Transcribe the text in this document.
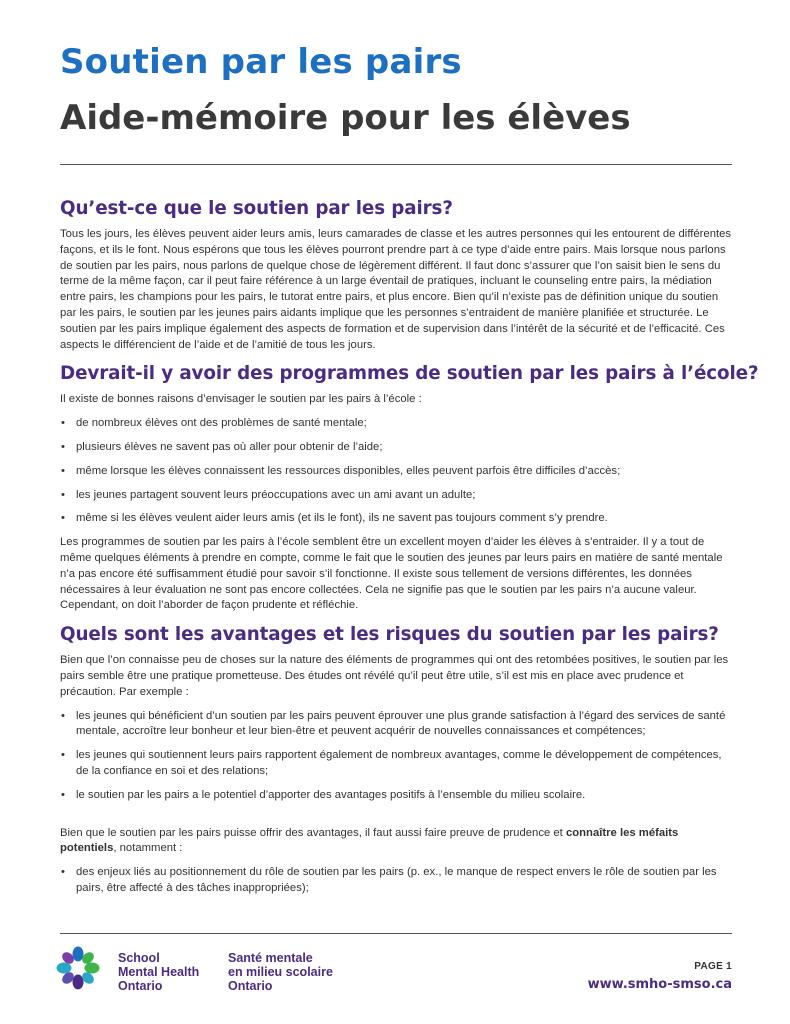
Soutien par les pairs
Aide-mémoire pour les élèves
Qu’est-ce que le soutien par les pairs?

Tous les jours, les élèves peuvent aider leurs amis, leurs camarades de classe et les autres personnes qui les entourent de différentes façons, et ils le font. Nous espérons que tous les élèves pourront prendre part à ce type d’aide entre pairs. Mais lorsque nous parlons de soutien par les pairs, nous parlons de quelque chose de légèrement différent. Il faut donc s’assurer que l’on saisit bien le sens du terme de la même façon, car il peut faire référence à un large éventail de pratiques, incluant le counseling entre pairs, la médiation entre pairs, les champions pour les pairs, le tutorat entre pairs, et plus encore. Bien qu’il n’existe pas de définition unique du soutien par les pairs, le soutien par les jeunes pairs aidants implique que les personnes s’entraident de manière planifiée et structurée. Le soutien par les pairs implique également des aspects de formation et de supervision dans l’intérêt de la sécurité et de l’efficacité. Ces aspects le différencient de l’aide et de l’amitié de tous les jours.

Devrait-il y avoir des programmes de soutien par les pairs à l’école?

Il existe de bonnes raisons d’envisager le soutien par les pairs à l’école :

• de nombreux élèves ont des problèmes de santé mentale;
• plusieurs élèves ne savent pas où aller pour obtenir de l’aide;
• même lorsque les élèves connaissent les ressources disponibles, elles peuvent parfois être difficiles d’accès;
• les jeunes partagent souvent leurs préoccupations avec un ami avant un adulte;
• même si les élèves veulent aider leurs amis (et ils le font), ils ne savent pas toujours comment s’y prendre.

Les programmes de soutien par les pairs à l’école semblent être un excellent moyen d’aider les élèves à s’entraider. Il y a tout de même quelques éléments à prendre en compte, comme le fait que le soutien des jeunes par leurs pairs en matière de santé mentale n’a pas encore été suffisamment étudié pour savoir s’il fonctionne. Il existe sous tellement de versions différentes, les données nécessaires à leur évaluation ne sont pas encore collectées. Cela ne signifie pas que le soutien par les pairs n’a aucune valeur. Cependant, on doit l’aborder de façon prudente et réfléchie.

Quels sont les avantages et les risques du soutien par les pairs?

Bien que l’on connaisse peu de choses sur la nature des éléments de programmes qui ont des retombées positives, le soutien par les pairs semble être une pratique prometteuse. Des études ont révélé qu’il peut être utile, s’il est mis en place avec prudence et précaution. Par exemple :

• les jeunes qui bénéficient d’un soutien par les pairs peuvent éprouver une plus grande satisfaction à l’égard des services de santé mentale, accroître leur bonheur et leur bien-être et peuvent acquérir de nouvelles connaissances et compétences;
• les jeunes qui soutiennent leurs pairs rapportent également de nombreux avantages, comme le développement de compétences, de la confiance en soi et des relations;
• le soutien par les pairs a le potentiel d’apporter des avantages positifs à l’ensemble du milieu scolaire.

Bien que le soutien par les pairs puisse offrir des avantages, il faut aussi faire preuve de prudence et connaître les méfaits potentiels, notamment :

• des enjeux liés au positionnement du rôle de soutien par les pairs (p. ex., le manque de respect envers le rôle de soutien par les pairs, être affecté à des tâches inappropriées);
School
Mental Health
Ontario
Santé mentale
en milieu scolaire
Ontario
PAGE 1
www.smho-smso.ca
